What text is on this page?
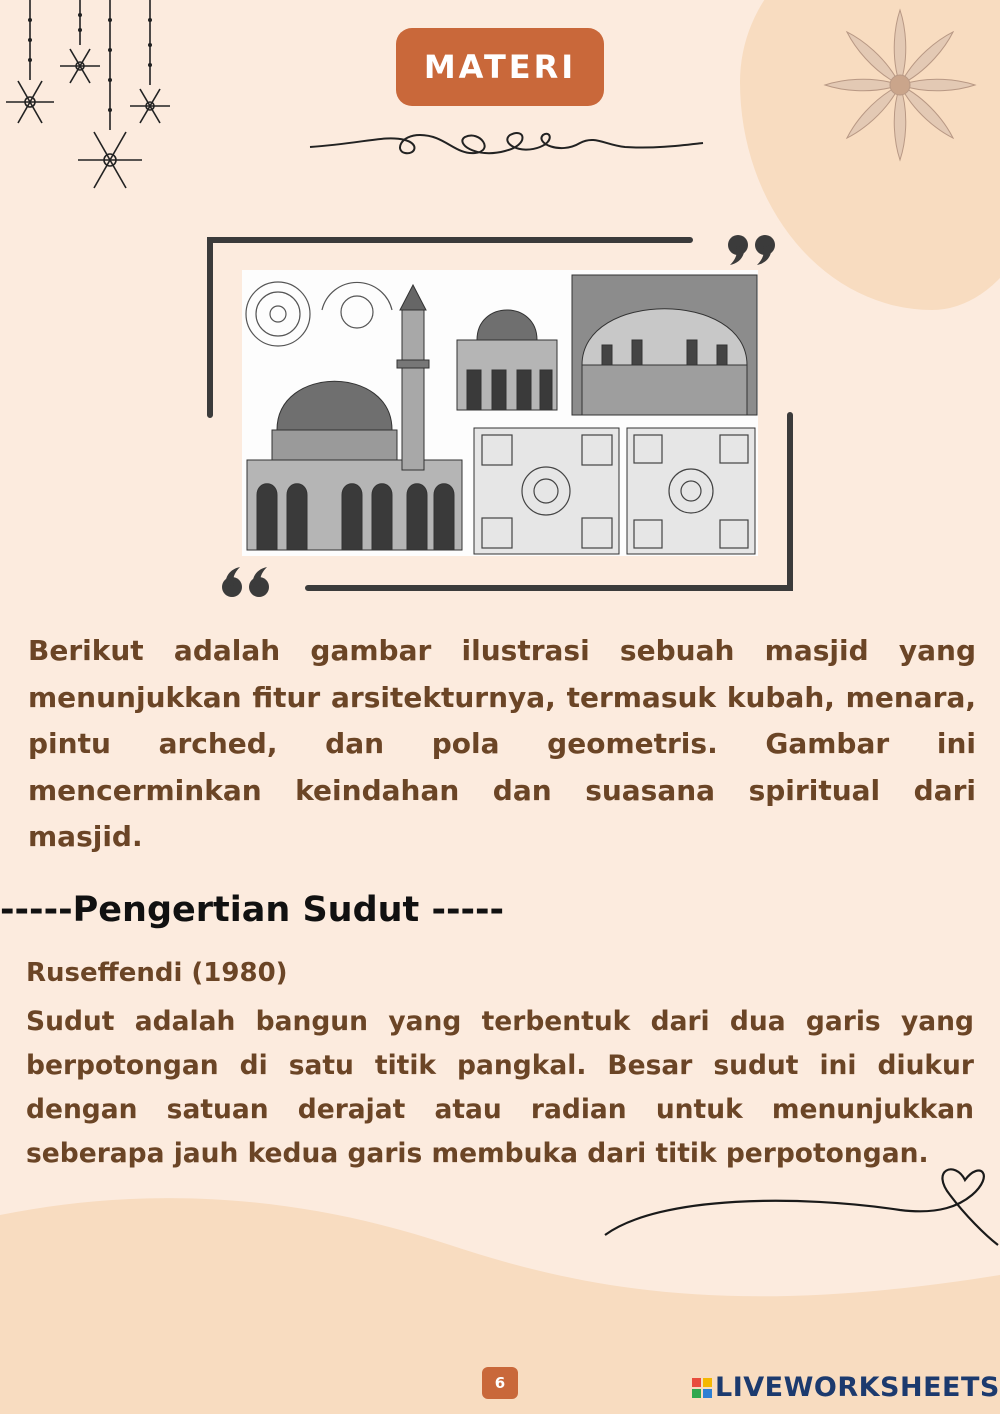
MATERI
Berikut adalah gambar ilustrasi sebuah masjid yang menunjukkan fitur arsitekturnya, termasuk kubah, menara, pintu arched, dan pola geometris. Gambar ini mencerminkan keindahan dan suasana spiritual dari masjid.
-----Pengertian Sudut -----
Ruseffendi (1980)
Sudut adalah bangun yang terbentuk dari dua garis yang berpotongan di satu titik pangkal. Besar sudut ini diukur dengan satuan derajat atau radian untuk menunjukkan seberapa jauh kedua garis membuka dari titik perpotongan.
6	LIVEWORKSHEETS
